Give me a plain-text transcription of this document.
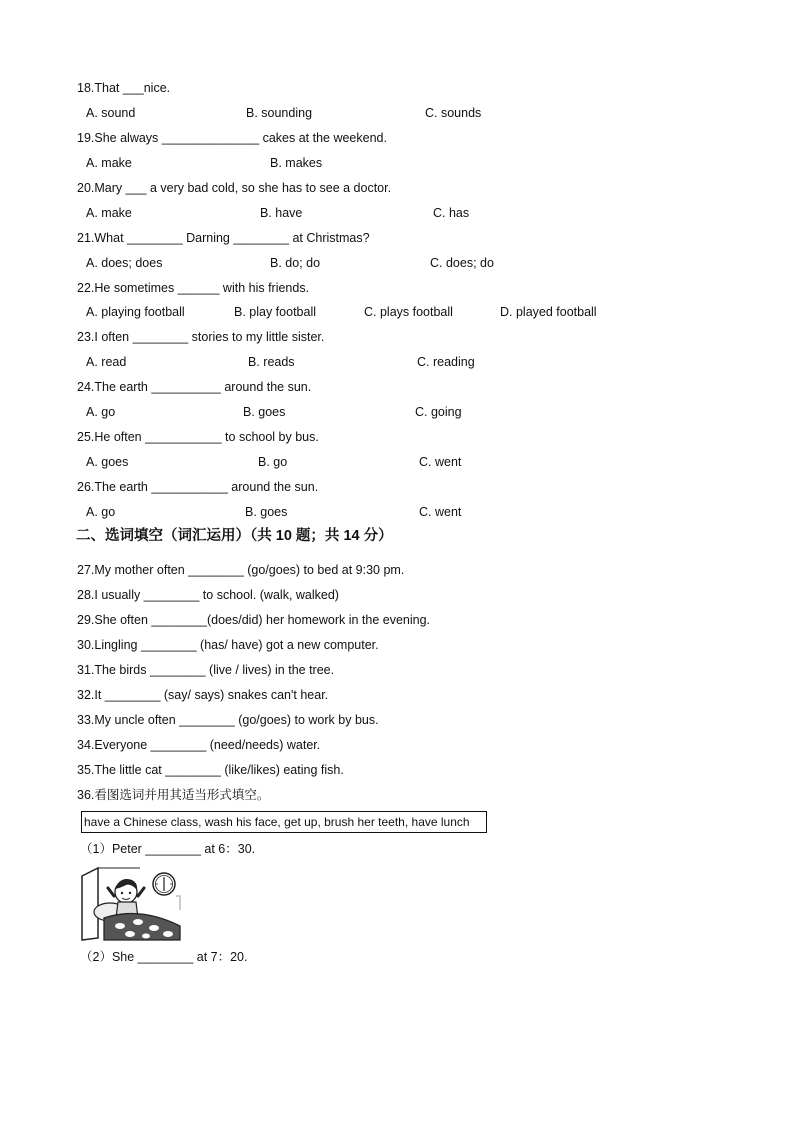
18.That ___nice.
A. sound	B. sounding	C. sounds
19.She always ______________ cakes at the weekend.
A. make	B. makes
20.Mary ___ a very bad cold, so she has to see a doctor.
A. make	B. have	C. has
21.What ________ Darning ________ at Christmas?
A. does; does	B. do; do	C. does; do
22.He sometimes ______ with his friends.
A. playing football	B. play football	C. plays football	D. played football
23.I often ________ stories to my little sister.
A. read	B. reads	C. reading
24.The earth __________ around the sun.
A. go	B. goes	C. going
25.He often ___________ to school by bus.
A. goes	B. go	C. went
26.The earth ___________ around the sun.
A. go	B. goes	C. went
二、选词填空（词汇运用）（共 10 题；共 14 分）
27.My mother often ________ (go/goes) to bed at 9:30 pm.
28.I usually ________ to school. (walk, walked)
29.She often ________(does/did) her homework in the evening.
30.Lingling ________ (has/ have) got a new computer.
31.The birds ________ (live / lives) in the tree.
32.It ________ (say/ says) snakes can't hear.
33.My uncle often ________ (go/goes) to work by bus.
34.Everyone ________ (need/needs) water.
35.The little cat ________ (like/likes) eating fish.
36.看图选词并用其适当形式填空。
have a Chinese class, wash his face, get up, brush her teeth, have lunch
（1）Peter ________ at 6：30.
（2）She ________ at 7：20.
